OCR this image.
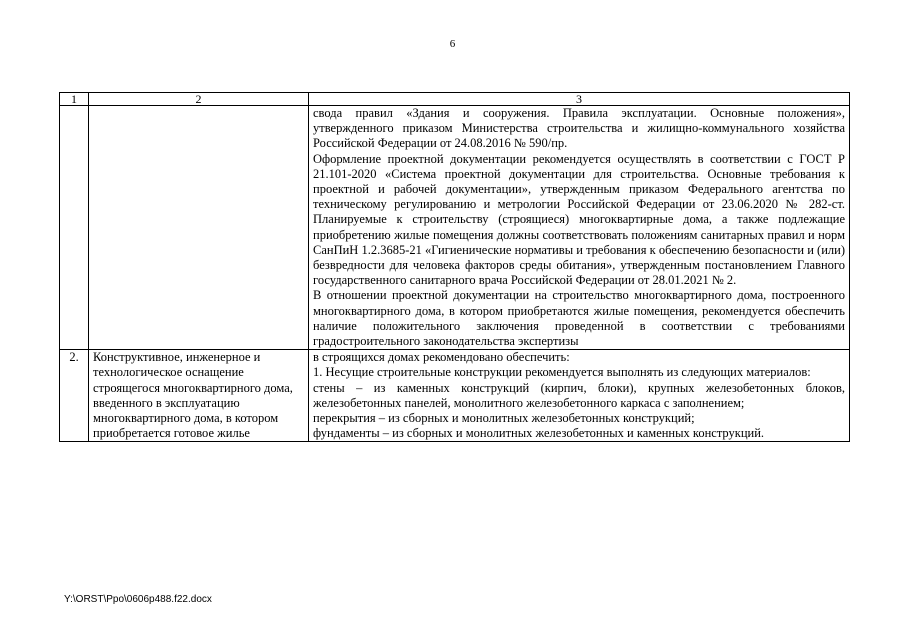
6
1	2	3

		свода правил «Здания и сооружения. Правила эксплуатации. Основные положения», утвержденного приказом Министерства строительства и жилищно-коммунального хозяйства Российской Федерации от 24.08.2016 № 590/пр.

Оформление проектной документации рекомендуется осуществлять в соответствии с ГОСТ Р 21.101-2020 «Система проектной документации для строительства. Основные требования к проектной и рабочей документации», утвержденным приказом Федерального агентства по техническому регулированию и метрологии Российской Федерации от 23.06.2020 № 282-ст. Планируемые к строительству (строящиеся) многоквартирные дома, а также подлежащие приобретению жилые помещения должны соответствовать положениям санитарных правил и норм СанПиН 1.2.3685-21 «Гигиенические нормативы и требования к обеспечению безопасности и (или) безвредности для человека факторов среды обитания», утвержденным постановлением Главного государственного санитарного врача Российской Федерации от 28.01.2021 № 2.

В отношении проектной документации на строительство многоквартирного дома, построенного многоквартирного дома, в котором приобретаются жилые помещения, рекомендуется обеспечить наличие положительного заключения проведенной в соответствии с требованиями градостроительного законодательства экспертизы

2.	Конструктивное, инженерное и технологическое оснащение строящегося многоквартирного дома, введенного в эксплуатацию многоквартирного дома, в котором приобретается готовое жилье	в строящихся домах рекомендовано обеспечить:

1. Несущие строительные конструкции рекомендуется выполнять из следующих материалов:

стены – из каменных конструкций (кирпич, блоки), крупных железобетонных блоков, железобетонных панелей, монолитного железобетонного каркаса с заполнением;

перекрытия – из сборных и монолитных железобетонных конструкций;

фундаменты – из сборных и монолитных железобетонных и каменных конструкций.

Y:\ORST\Ppo\0606p488.f22.docx
